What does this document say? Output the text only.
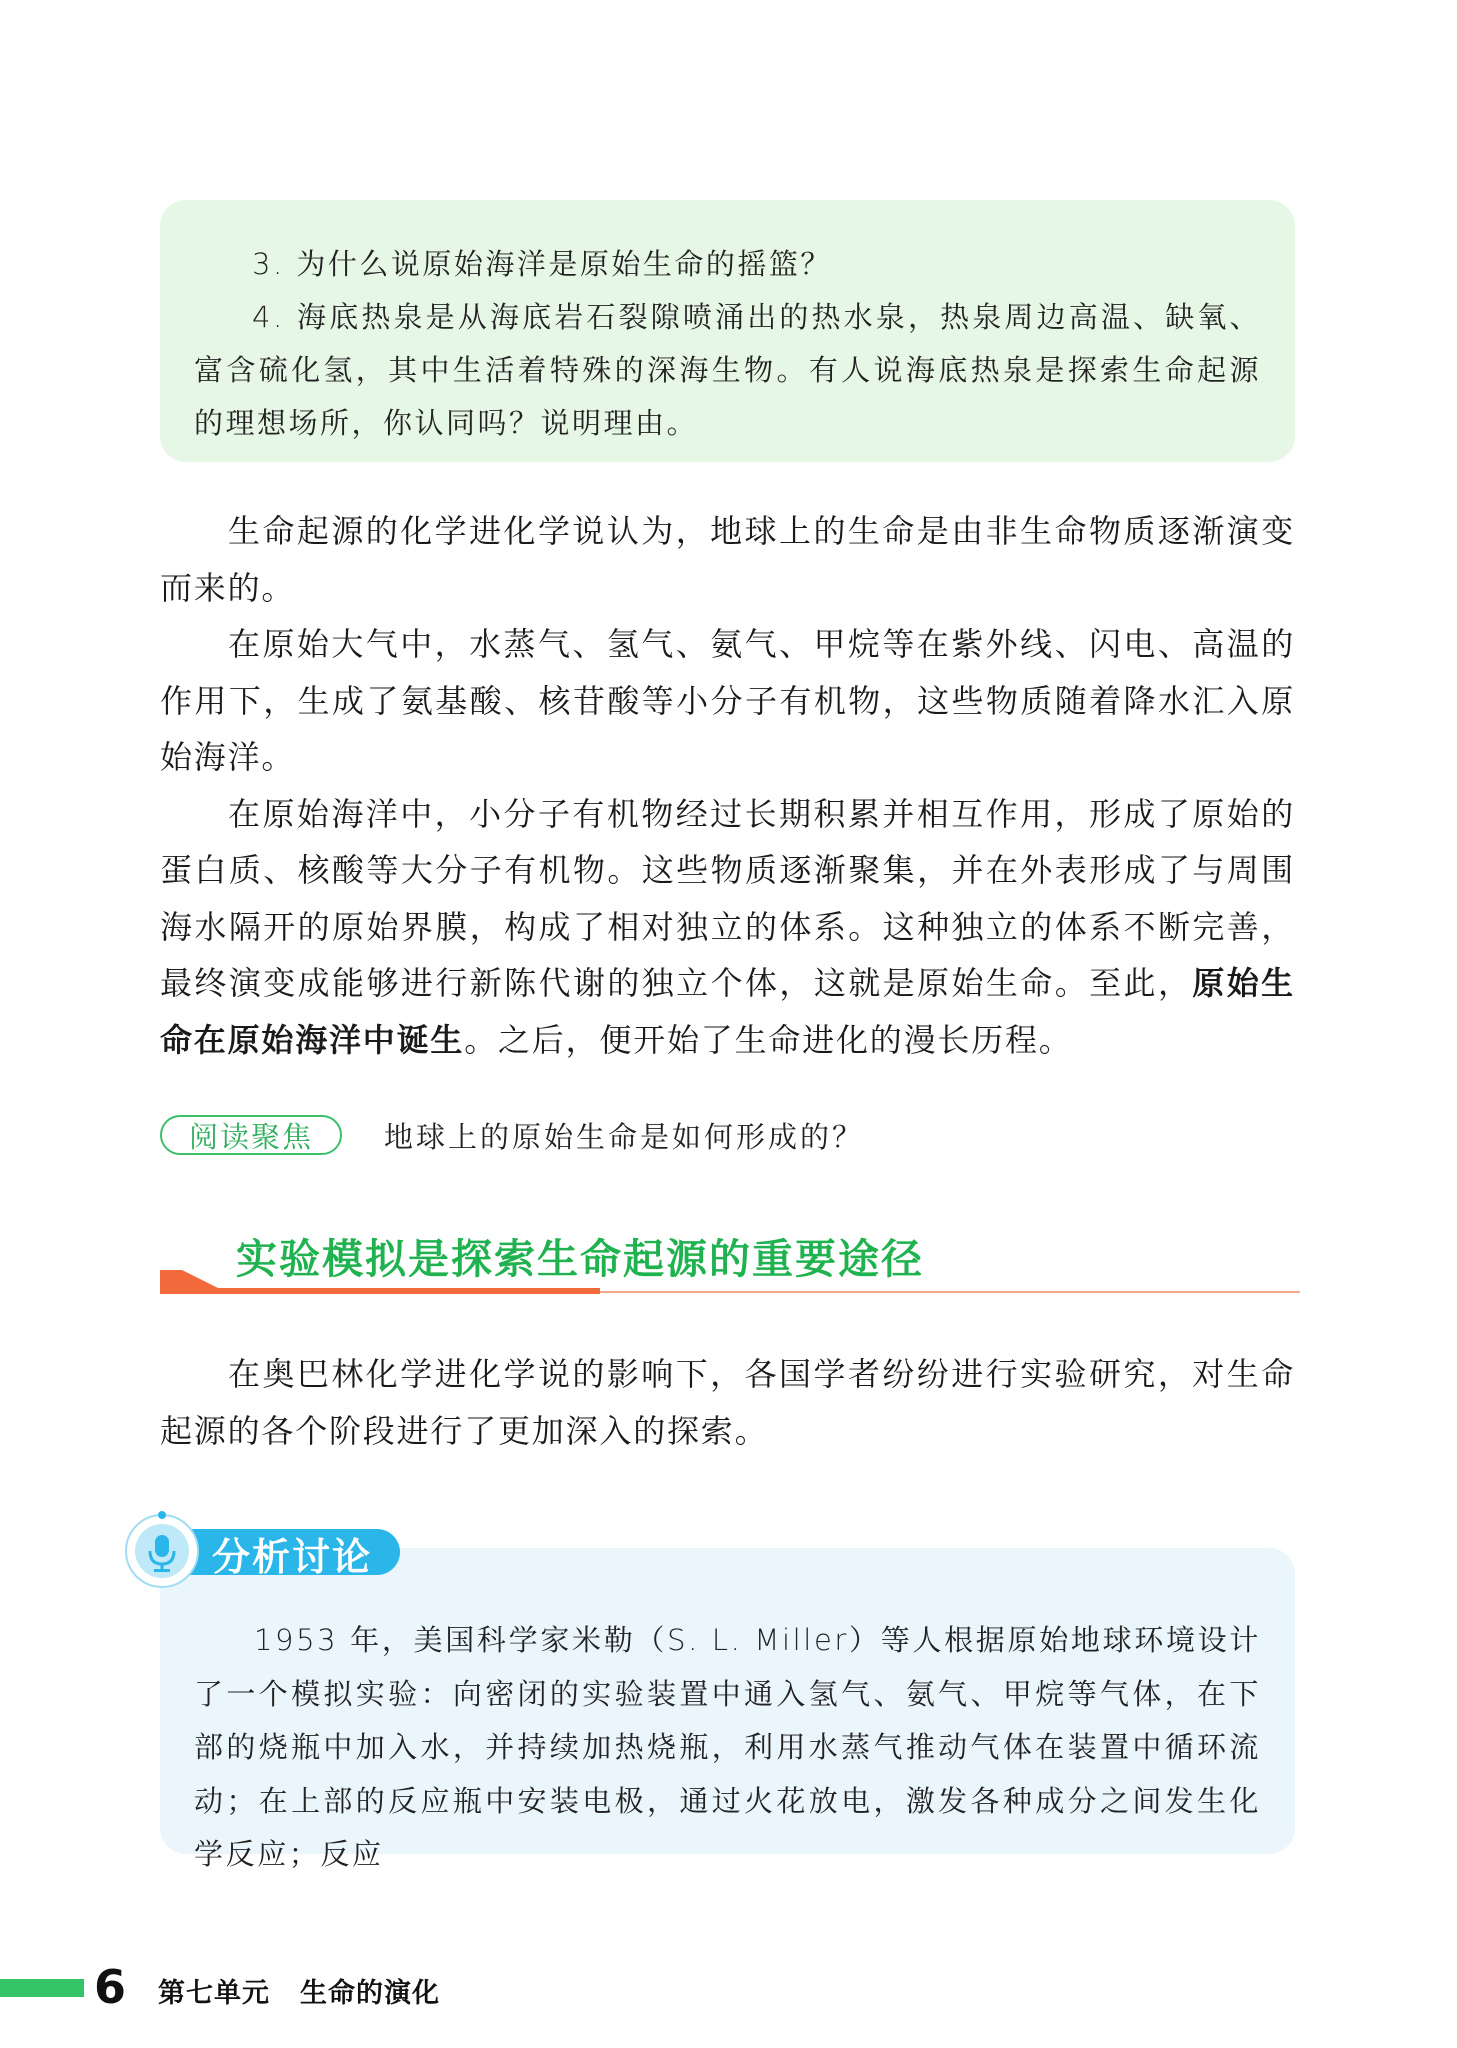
3. 为什么说原始海洋是原始生命的摇篮？

4. 海底热泉是从海底岩石裂隙喷涌出的热水泉，热泉周边高温、缺氧、富含硫化氢，其中生活着特殊的深海生物。有人说海底热泉是探索生命起源的理想场所，你认同吗？说明理由。

生命起源的化学进化学说认为，地球上的生命是由非生命物质逐渐演变而来的。

在原始大气中，水蒸气、氢气、氨气、甲烷等在紫外线、闪电、高温的作用下，生成了氨基酸、核苷酸等小分子有机物，这些物质随着降水汇入原始海洋。

在原始海洋中，小分子有机物经过长期积累并相互作用，形成了原始的蛋白质、核酸等大分子有机物。这些物质逐渐聚集，并在外表形成了与周围海水隔开的原始界膜，构成了相对独立的体系。这种独立的体系不断完善，最终演变成能够进行新陈代谢的独立个体，这就是原始生命。至此，原始生命在原始海洋中诞生。之后，便开始了生命进化的漫长历程。

阅读聚焦	地球上的原始生命是如何形成的？
实验模拟是探索生命起源的重要途径

在奥巴林化学进化学说的影响下，各国学者纷纷进行实验研究，对生命起源的各个阶段进行了更加深入的探索。

1953 年，美国科学家米勒（S. L. Miller）等人根据原始地球环境设计了一个模拟实验：向密闭的实验装置中通入氢气、氨气、甲烷等气体，在下部的烧瓶中加入水，并持续加热烧瓶，利用水蒸气推动气体在装置中循环流动；在上部的反应瓶中安装电极，通过火花放电，激发各种成分之间发生化学反应；反应

分析讨论
6 第七单元 生命的演化
